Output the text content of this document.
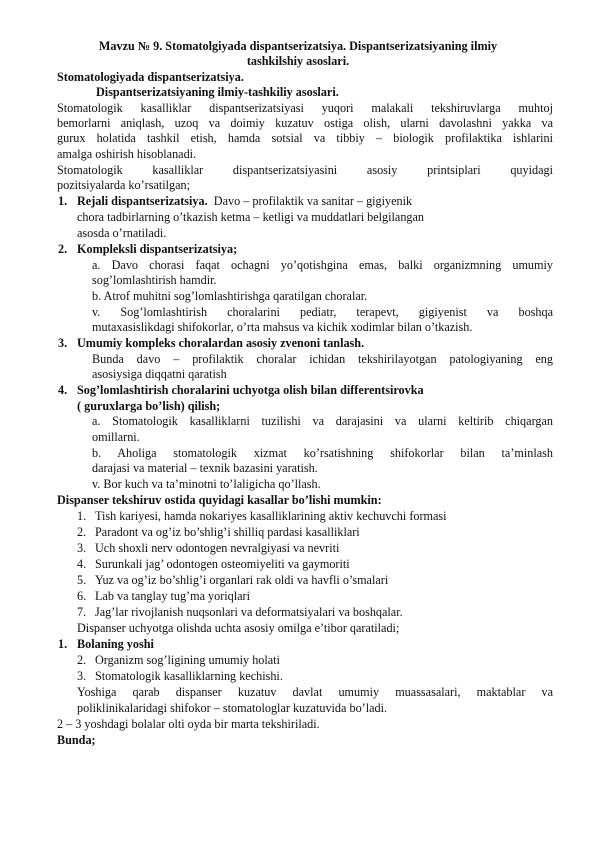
Mavzu № 9. Stomatolgiyada dispantserizatsiya. Dispantserizatsiyaning ilmiy
tashkilshiy asoslari.
Stomatologiyada dispantserizatsiya.
Dispantserizatsiyaning ilmiy-tashkiliy asoslari.
Stomatologik kasalliklar dispantserizatsiyasi yuqori malakali tekshiruvlarga muhtoj
bemorlarni aniqlash, uzoq va doimiy kuzatuv ostiga olish, ularni davolashni yakka va
gurux holatida tashkil etish, hamda sotsial va tibbiy – biologik profilaktika ishlarini
amalga oshirish hisoblanadi.
Stomatologik kasalliklar dispantserizatsiyasini asosiy printsiplari quyidagi
pozitsiyalarda ko’rsatilgan;
1. Rejali dispantserizatsiya. Davo – profilaktik va sanitar – gigiyenik
chora tadbirlarning o’tkazish ketma – ketligi va muddatlari belgilangan
asosda o’rnatiladi.
2. Kompleksli dispantserizatsiya;
a. Davo chorasi faqat ochagni yo’qotishgina emas, balki organizmning umumiy
sog’lomlashtirish hamdir.
b. Atrof muhitni sog’lomlashtirishga qaratilgan choralar.
v. Sog’lomlashtirish choralarini pediatr, terapevt, gigiyenist va boshqa
mutaxasislikdagi shifokorlar, o’rta mahsus va kichik xodimlar bilan o’tkazish.
3. Umumiy kompleks choralardan asosiy zvenoni tanlash.
Bunda davo – profilaktik choralar ichidan tekshirilayotgan patologiyaning eng
asosiysiga diqqatni qaratish
4. Sog’lomlashtirish choralarini uchyotga olish bilan differentsirovka
( guruxlarga bo’lish) qilish;
a. Stomatologik kasalliklarni tuzilishi va darajasini va ularni keltirib chiqargan
omillarni.
b. Aholiga stomatologik xizmat ko’rsatishning shifokorlar bilan ta’minlash
darajasi va material – texnik bazasini yaratish.
v. Bor kuch va ta’minotni to’laligicha qo’llash.
Dispanser tekshiruv ostida quyidagi kasallar bo’lishi mumkin:
1. Tish kariyesi, hamda nokariyes kasalliklarining aktiv kechuvchi formasi
2. Paradont va og’iz bo’shlig’i shilliq pardasi kasalliklari
3. Uch shoxli nerv odontogen nevralgiyasi va nevriti
4. Surunkali jag’ odontogen osteomiyeliti va gaymoriti
5. Yuz va og’iz bo’shlig’i organlari rak oldi va havfli o’smalari
6. Lab va tanglay tug’ma yoriqlari
7. Jag’lar rivojlanish nuqsonlari va deformatsiyalari va boshqalar.
Dispanser uchyotga olishda uchta asosiy omilga e’tibor qaratiladi;
1. Bolaning yoshi
2. Organizm sog’ligining umumiy holati
3. Stomatologik kasalliklarning kechishi.
Yoshiga qarab dispanser kuzatuv davlat umumiy muassasalari, maktablar va
poliklinikalaridagi shifokor – stomatologlar kuzatuvida bo’ladi.
2 – 3 yoshdagi bolalar olti oyda bir marta tekshiriladi.
Bunda;
